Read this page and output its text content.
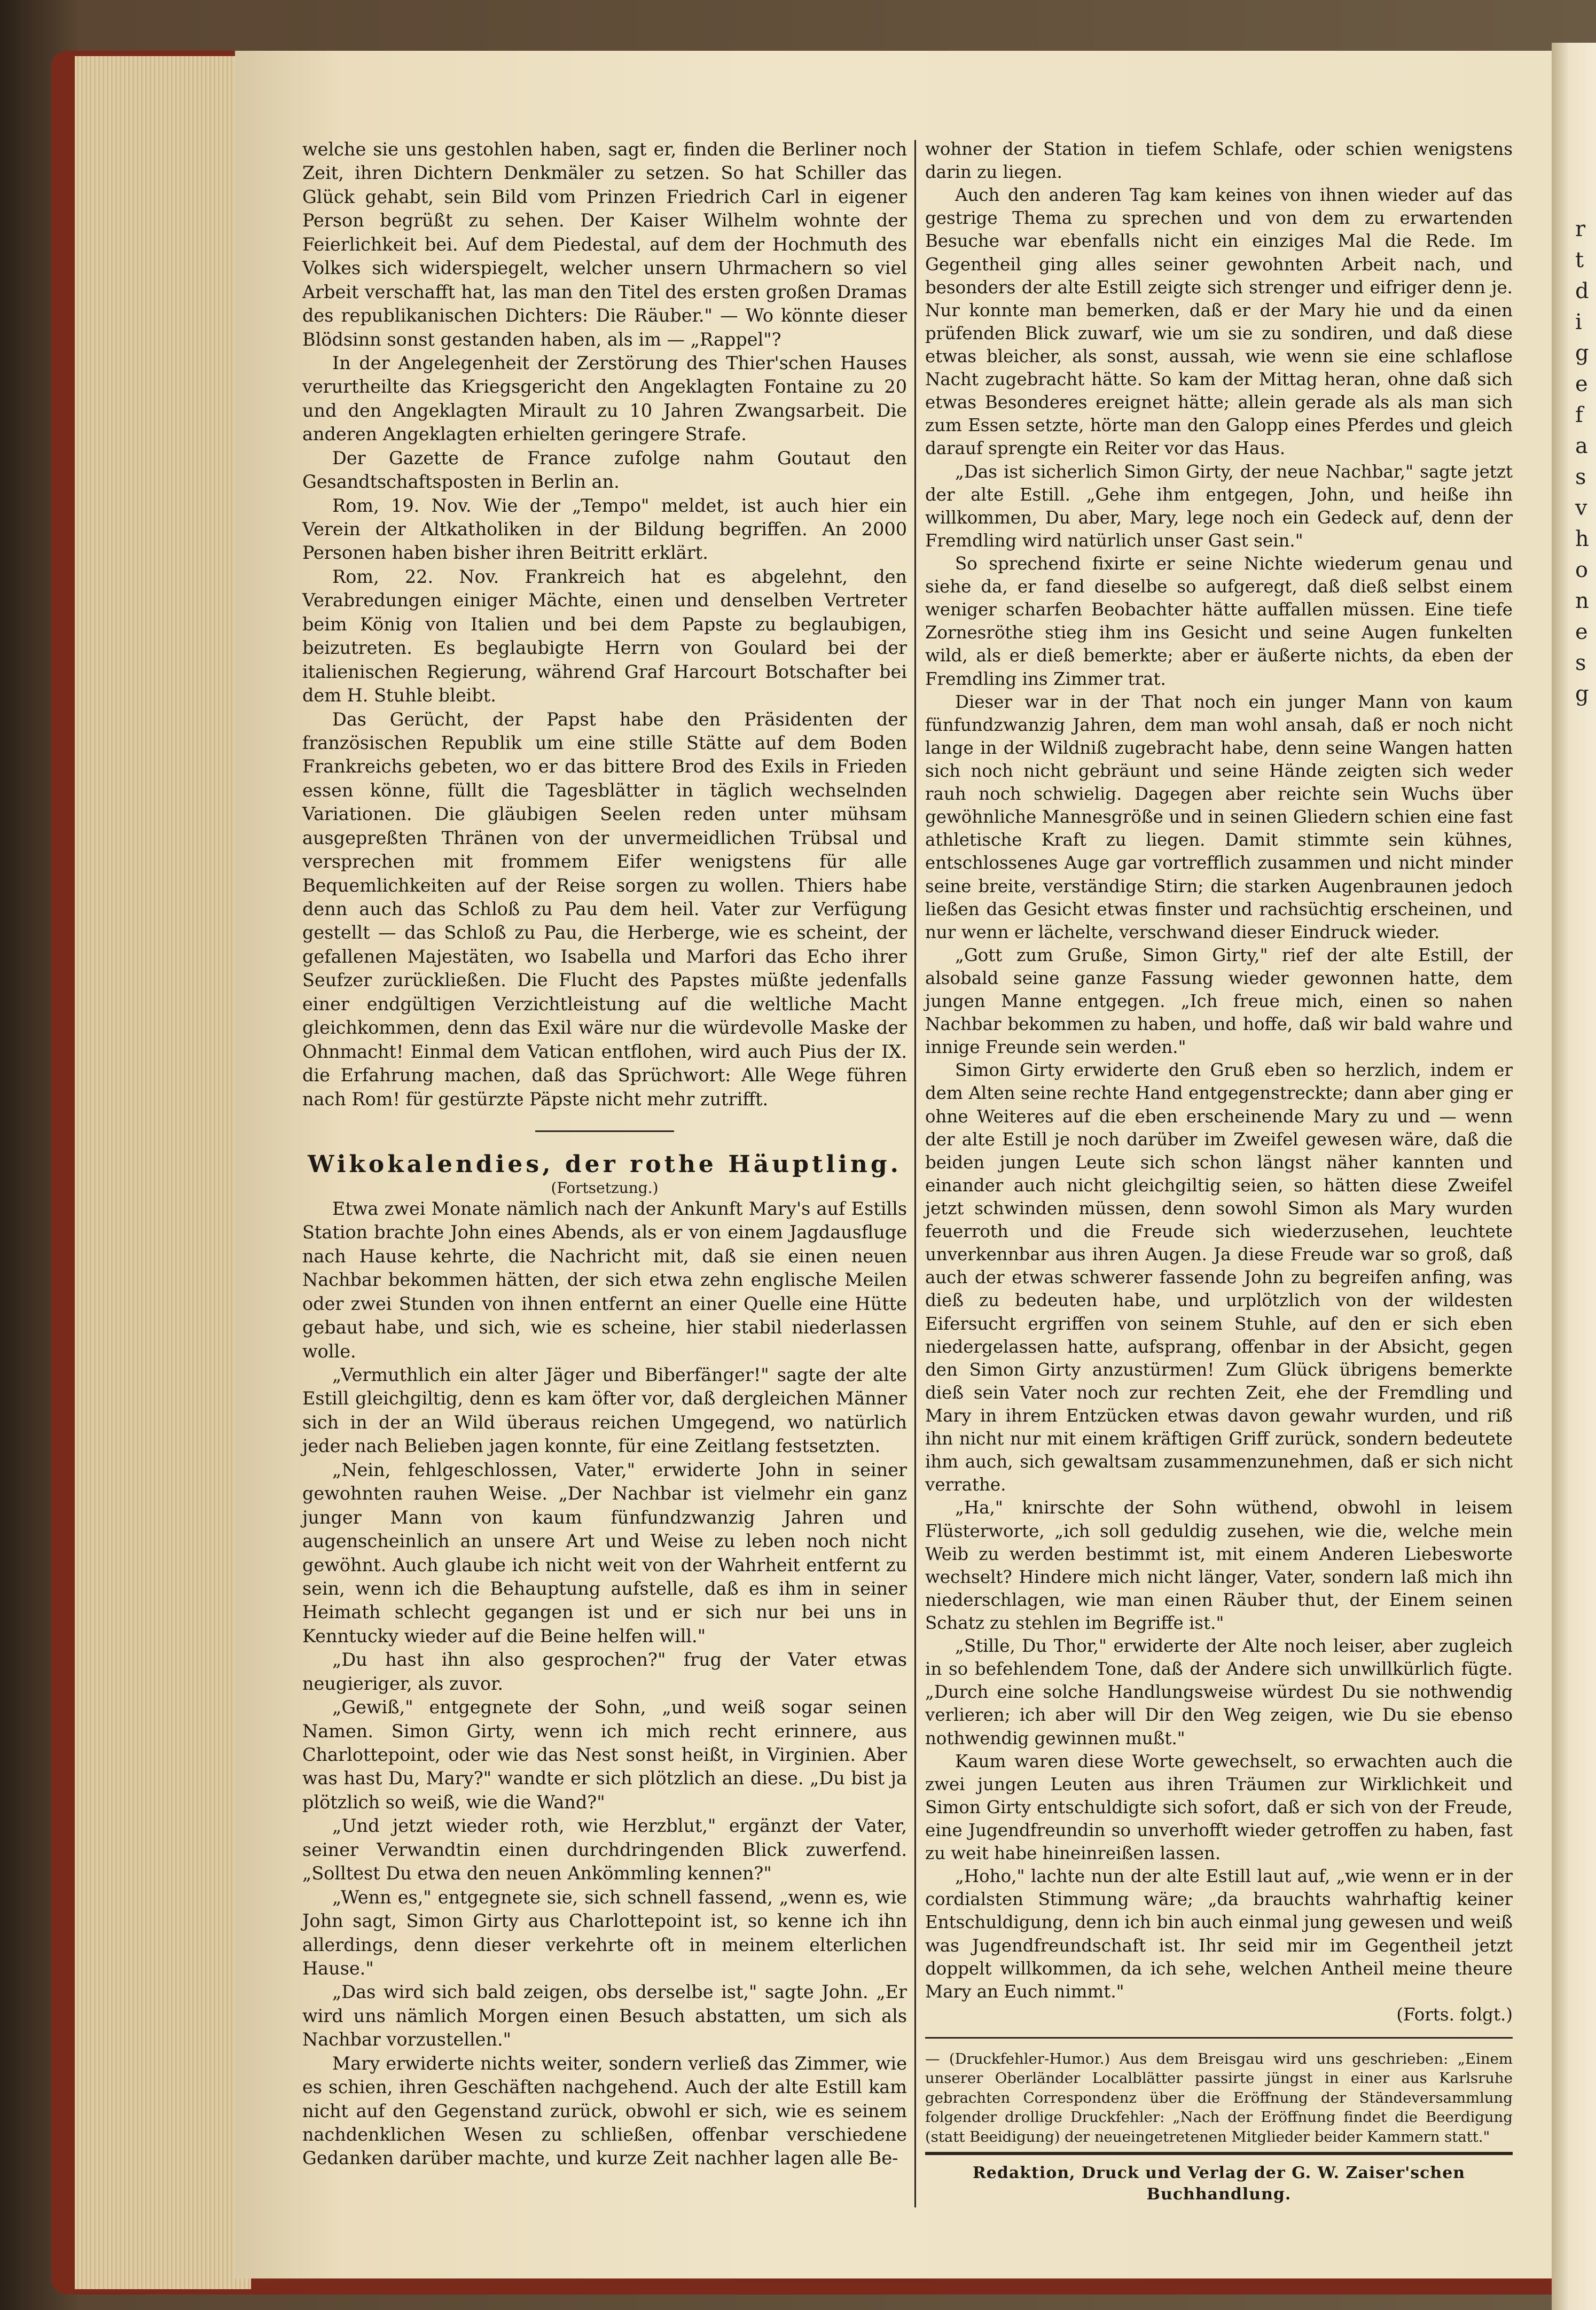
r
t
d
i
g
e
f
a
s
v
h
o
n
e
s
g

welche sie uns gestohlen haben, sagt er, finden die Berliner noch Zeit, ihren Dichtern Denkmäler zu setzen. So hat Schiller das Glück gehabt, sein Bild vom Prinzen Friedrich Carl in eigener Person begrüßt zu sehen. Der Kaiser Wilhelm wohnte der Feierlichkeit bei. Auf dem Piedestal, auf dem der Hochmuth des Volkes sich widerspiegelt, welcher unsern Uhrmachern so viel Arbeit verschafft hat, las man den Titel des ersten großen Dramas des republikanischen Dichters: Die Räuber." — Wo könnte dieser Blödsinn sonst gestanden haben, als im — „Rappel"?

In der Angelegenheit der Zerstörung des Thier'schen Hauses verurtheilte das Kriegsgericht den Angeklagten Fontaine zu 20 und den Angeklagten Mirault zu 10 Jahren Zwangsarbeit. Die anderen Angeklagten erhielten geringere Strafe.

Der Gazette de France zufolge nahm Goutaut den Gesandtschaftsposten in Berlin an.

Rom, 19. Nov. Wie der „Tempo" meldet, ist auch hier ein Verein der Altkatholiken in der Bildung begriffen. An 2000 Personen haben bisher ihren Beitritt erklärt.

Rom, 22. Nov. Frankreich hat es abgelehnt, den Verabredungen einiger Mächte, einen und denselben Vertreter beim König von Italien und bei dem Papste zu beglaubigen, beizutreten. Es beglaubigte Herrn von Goulard bei der italienischen Regierung, während Graf Harcourt Botschafter bei dem H. Stuhle bleibt.

Das Gerücht, der Papst habe den Präsidenten der französischen Republik um eine stille Stätte auf dem Boden Frankreichs gebeten, wo er das bittere Brod des Exils in Frieden essen könne, füllt die Tagesblätter in täglich wechselnden Variationen. Die gläubigen Seelen reden unter mühsam ausgepreßten Thränen von der unvermeidlichen Trübsal und versprechen mit frommem Eifer wenigstens für alle Bequemlichkeiten auf der Reise sorgen zu wollen. Thiers habe denn auch das Schloß zu Pau dem heil. Vater zur Verfügung gestellt — das Schloß zu Pau, die Herberge, wie es scheint, der gefallenen Majestäten, wo Isabella und Marfori das Echo ihrer Seufzer zurückließen. Die Flucht des Papstes müßte jedenfalls einer endgültigen Verzichtleistung auf die weltliche Macht gleichkommen, denn das Exil wäre nur die würdevolle Maske der Ohnmacht! Einmal dem Vatican entflohen, wird auch Pius der IX. die Erfahrung machen, daß das Sprüchwort: Alle Wege führen nach Rom! für gestürzte Päpste nicht mehr zutrifft.

Wikokalendies, der rothe Häuptling.
(Fortsetzung.)

Etwa zwei Monate nämlich nach der Ankunft Mary's auf Estills Station brachte John eines Abends, als er von einem Jagdausfluge nach Hause kehrte, die Nachricht mit, daß sie einen neuen Nachbar bekommen hätten, der sich etwa zehn englische Meilen oder zwei Stunden von ihnen entfernt an einer Quelle eine Hütte gebaut habe, und sich, wie es scheine, hier stabil niederlassen wolle.

„Vermuthlich ein alter Jäger und Biberfänger!" sagte der alte Estill gleichgiltig, denn es kam öfter vor, daß dergleichen Männer sich in der an Wild überaus reichen Umgegend, wo natürlich jeder nach Belieben jagen konnte, für eine Zeitlang festsetzten.

„Nein, fehlgeschlossen, Vater," erwiderte John in seiner gewohnten rauhen Weise. „Der Nachbar ist vielmehr ein ganz junger Mann von kaum fünfundzwanzig Jahren und augenscheinlich an unsere Art und Weise zu leben noch nicht gewöhnt. Auch glaube ich nicht weit von der Wahrheit entfernt zu sein, wenn ich die Behauptung aufstelle, daß es ihm in seiner Heimath schlecht gegangen ist und er sich nur bei uns in Kenntucky wieder auf die Beine helfen will."

„Du hast ihn also gesprochen?" frug der Vater etwas neugieriger, als zuvor.

„Gewiß," entgegnete der Sohn, „und weiß sogar seinen Namen. Simon Girty, wenn ich mich recht erinnere, aus Charlottepoint, oder wie das Nest sonst heißt, in Virginien. Aber was hast Du, Mary?" wandte er sich plötzlich an diese. „Du bist ja plötzlich so weiß, wie die Wand?"

„Und jetzt wieder roth, wie Herzblut," ergänzt der Vater, seiner Verwandtin einen durchdringenden Blick zuwerfend. „Solltest Du etwa den neuen Ankömmling kennen?"

„Wenn es," entgegnete sie, sich schnell fassend, „wenn es, wie John sagt, Simon Girty aus Charlottepoint ist, so kenne ich ihn allerdings, denn dieser verkehrte oft in meinem elterlichen Hause."

„Das wird sich bald zeigen, obs derselbe ist," sagte John. „Er wird uns nämlich Morgen einen Besuch abstatten, um sich als Nachbar vorzustellen."

Mary erwiderte nichts weiter, sondern verließ das Zimmer, wie es schien, ihren Geschäften nachgehend. Auch der alte Estill kam nicht auf den Gegenstand zurück, obwohl er sich, wie es seinem nachdenklichen Wesen zu schließen, offenbar verschiedene Gedanken darüber machte, und kurze Zeit nachher lagen alle Be-

wohner der Station in tiefem Schlafe, oder schien wenigstens darin zu liegen.

Auch den anderen Tag kam keines von ihnen wieder auf das gestrige Thema zu sprechen und von dem zu erwartenden Besuche war ebenfalls nicht ein einziges Mal die Rede. Im Gegentheil ging alles seiner gewohnten Arbeit nach, und besonders der alte Estill zeigte sich strenger und eifriger denn je. Nur konnte man bemerken, daß er der Mary hie und da einen prüfenden Blick zuwarf, wie um sie zu sondiren, und daß diese etwas bleicher, als sonst, aussah, wie wenn sie eine schlaflose Nacht zugebracht hätte. So kam der Mittag heran, ohne daß sich etwas Besonderes ereignet hätte; allein gerade als als man sich zum Essen setzte, hörte man den Galopp eines Pferdes und gleich darauf sprengte ein Reiter vor das Haus.

„Das ist sicherlich Simon Girty, der neue Nachbar," sagte jetzt der alte Estill. „Gehe ihm entgegen, John, und heiße ihn willkommen, Du aber, Mary, lege noch ein Gedeck auf, denn der Fremdling wird natürlich unser Gast sein."

So sprechend fixirte er seine Nichte wiederum genau und siehe da, er fand dieselbe so aufgeregt, daß dieß selbst einem weniger scharfen Beobachter hätte auffallen müssen. Eine tiefe Zornesröthe stieg ihm ins Gesicht und seine Augen funkelten wild, als er dieß bemerkte; aber er äußerte nichts, da eben der Fremdling ins Zimmer trat.

Dieser war in der That noch ein junger Mann von kaum fünfundzwanzig Jahren, dem man wohl ansah, daß er noch nicht lange in der Wildniß zugebracht habe, denn seine Wangen hatten sich noch nicht gebräunt und seine Hände zeigten sich weder rauh noch schwielig. Dagegen aber reichte sein Wuchs über gewöhnliche Mannesgröße und in seinen Gliedern schien eine fast athletische Kraft zu liegen. Damit stimmte sein kühnes, entschlossenes Auge gar vortrefflich zusammen und nicht minder seine breite, verständige Stirn; die starken Augenbraunen jedoch ließen das Gesicht etwas finster und rachsüchtig erscheinen, und nur wenn er lächelte, verschwand dieser Eindruck wieder.

„Gott zum Gruße, Simon Girty," rief der alte Estill, der alsobald seine ganze Fassung wieder gewonnen hatte, dem jungen Manne entgegen. „Ich freue mich, einen so nahen Nachbar bekommen zu haben, und hoffe, daß wir bald wahre und innige Freunde sein werden."

Simon Girty erwiderte den Gruß eben so herzlich, indem er dem Alten seine rechte Hand entgegenstreckte; dann aber ging er ohne Weiteres auf die eben erscheinende Mary zu und — wenn der alte Estill je noch darüber im Zweifel gewesen wäre, daß die beiden jungen Leute sich schon längst näher kannten und einander auch nicht gleichgiltig seien, so hätten diese Zweifel jetzt schwinden müssen, denn sowohl Simon als Mary wurden feuerroth und die Freude sich wiederzusehen, leuchtete unverkennbar aus ihren Augen. Ja diese Freude war so groß, daß auch der etwas schwerer fassende John zu begreifen anfing, was dieß zu bedeuten habe, und urplötzlich von der wildesten Eifersucht ergriffen von seinem Stuhle, auf den er sich eben niedergelassen hatte, aufsprang, offenbar in der Absicht, gegen den Simon Girty anzustürmen! Zum Glück übrigens bemerkte dieß sein Vater noch zur rechten Zeit, ehe der Fremdling und Mary in ihrem Entzücken etwas davon gewahr wurden, und riß ihn nicht nur mit einem kräftigen Griff zurück, sondern bedeutete ihm auch, sich gewaltsam zusammenzunehmen, daß er sich nicht verrathe.

„Ha," knirschte der Sohn wüthend, obwohl in leisem Flüsterworte, „ich soll geduldig zusehen, wie die, welche mein Weib zu werden bestimmt ist, mit einem Anderen Liebesworte wechselt? Hindere mich nicht länger, Vater, sondern laß mich ihn niederschlagen, wie man einen Räuber thut, der Einem seinen Schatz zu stehlen im Begriffe ist."

„Stille, Du Thor," erwiderte der Alte noch leiser, aber zugleich in so befehlendem Tone, daß der Andere sich unwillkürlich fügte. „Durch eine solche Handlungsweise würdest Du sie nothwendig verlieren; ich aber will Dir den Weg zeigen, wie Du sie ebenso nothwendig gewinnen mußt."

Kaum waren diese Worte gewechselt, so erwachten auch die zwei jungen Leuten aus ihren Träumen zur Wirklichkeit und Simon Girty entschuldigte sich sofort, daß er sich von der Freude, eine Jugendfreundin so unverhofft wieder getroffen zu haben, fast zu weit habe hineinreißen lassen.

„Hoho," lachte nun der alte Estill laut auf, „wie wenn er in der cordialsten Stimmung wäre; „da brauchts wahrhaftig keiner Entschuldigung, denn ich bin auch einmal jung gewesen und weiß was Jugendfreundschaft ist. Ihr seid mir im Gegentheil jetzt doppelt willkommen, da ich sehe, welchen Antheil meine theure Mary an Euch nimmt."

(Forts. folgt.)

— (Druckfehler-Humor.) Aus dem Breisgau wird uns geschrieben: „Einem unserer Oberländer Localblätter passirte jüngst in einer aus Karlsruhe gebrachten Correspondenz über die Eröffnung der Ständeversammlung folgender drollige Druckfehler: „Nach der Eröffnung findet die Beerdigung (statt Beeidigung) der neueingetretenen Mitglieder beider Kammern statt."

Redaktion, Druck und Verlag der G. W. Zaiser'schen Buchhandlung.
